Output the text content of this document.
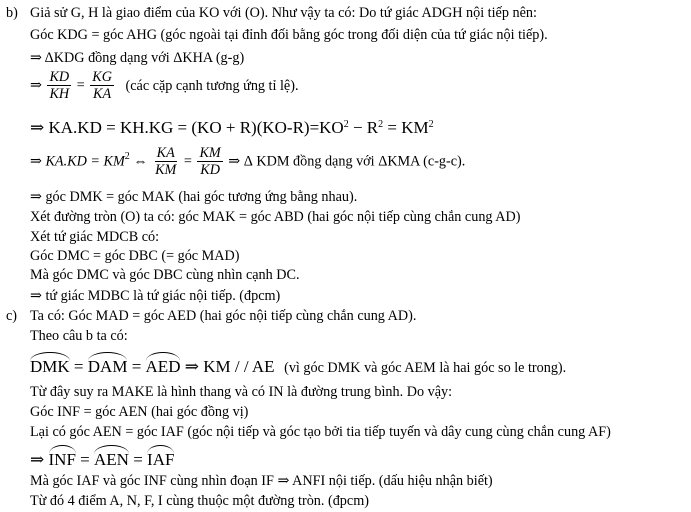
b) Giả sử G, H là giao điểm của KO với (O). Như vậy ta có: Do tứ giác ADGH nội tiếp nên:
Góc KDG = góc AHG (góc ngoài tại đỉnh đối bằng góc trong đối diện của tứ giác nội tiếp).
⇒ ΔKDG đồng dạng với ΔKHA (g-g)
⇒ $\frac{KD}{KH} = \frac{KG}{KA}$ (các cặp cạnh tương ứng tỉ lệ).
⇒ $KA.KD = KH.KG = (KO + R)(KO-R)=KO^2 - R^2 = KM^2$
⇒ $KA.KD = KM^2$ ⇔ $\frac{KA}{KM} = \frac{KM}{KD}$ ⇒ Δ KDM đồng dạng với ΔKMA (c-g-c).
⇒ góc DMK = góc MAK (hai góc tương ứng bằng nhau).
Xét đường tròn (O) ta có: góc MAK = góc ABD (hai góc nội tiếp cùng chắn cung AD)
Xét tứ giác MDCB có:
Góc DMC = góc DBC (= góc MAD)
Mà góc DMC và góc DBC cùng nhìn cạnh DC.
⇒ tứ giác MDBC là tứ giác nội tiếp. (đpcm)
c) Ta có: Góc MAD = góc AED (hai góc nội tiếp cùng chắn cung AD).
Theo câu b ta có:
DMK = DAM = AED ⇒ KM / / AE (vì góc DMK và góc AEM là hai góc so le trong).
Từ đây suy ra MAKE là hình thang và có IN là đường trung bình. Do vậy:
Góc INF = góc AEN (hai góc đồng vị)
Lại có góc AEN = góc IAF (góc nội tiếp và góc tạo bởi tia tiếp tuyến và dây cung cùng chắn cung AF)
⇒ INF = AEN = IAF
Mà góc IAF và góc INF cùng nhìn đoạn IF ⇒ ANFI nội tiếp. (dấu hiệu nhận biết)
Từ đó 4 điểm A, N, F, I cùng thuộc một đường tròn. (đpcm)
